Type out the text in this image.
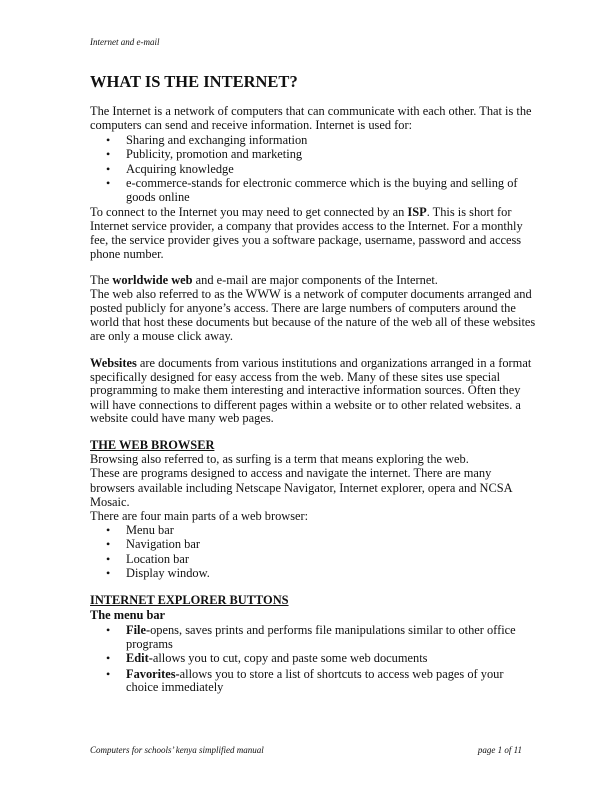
Internet and e-mail
WHAT IS THE INTERNET?
The Internet is a network of computers that can communicate with each other. That is the
computers can send and receive information. Internet is used for:
• Sharing and exchanging information
• Publicity, promotion and marketing
• Acquiring knowledge
• e-commerce-stands for electronic commerce which is the buying and selling of
goods online
To connect to the Internet you may need to get connected by an ISP. This is short for
Internet service provider, a company that provides access to the Internet. For a monthly
fee, the service provider gives you a software package, username, password and access
phone number.
The worldwide web and e-mail are major components of the Internet.
The web also referred to as the WWW is a network of computer documents arranged and
posted publicly for anyone’s access. There are large numbers of computers around the
world that host these documents but because of the nature of the web all of these websites
are only a mouse click away.
Websites are documents from various institutions and organizations arranged in a format
specifically designed for easy access from the web. Many of these sites use special
programming to make them interesting and interactive information sources. Often they
will have connections to different pages within a website or to other related websites. a
website could have many web pages.
THE WEB BROWSER
Browsing also referred to, as surfing is a term that means exploring the web.
These are programs designed to access and navigate the internet. There are many
browsers available including Netscape Navigator, Internet explorer, opera and NCSA
Mosaic.
There are four main parts of a web browser:
• Menu bar
• Navigation bar
• Location bar
• Display window.
INTERNET EXPLORER BUTTONS
The menu bar
• File-opens, saves prints and performs file manipulations similar to other office
programs
• Edit-allows you to cut, copy and paste some web documents
• Favorites-allows you to store a list of shortcuts to access web pages of your
choice immediately
Computers for schools’ kenya simplified manual	page 1 of 11
